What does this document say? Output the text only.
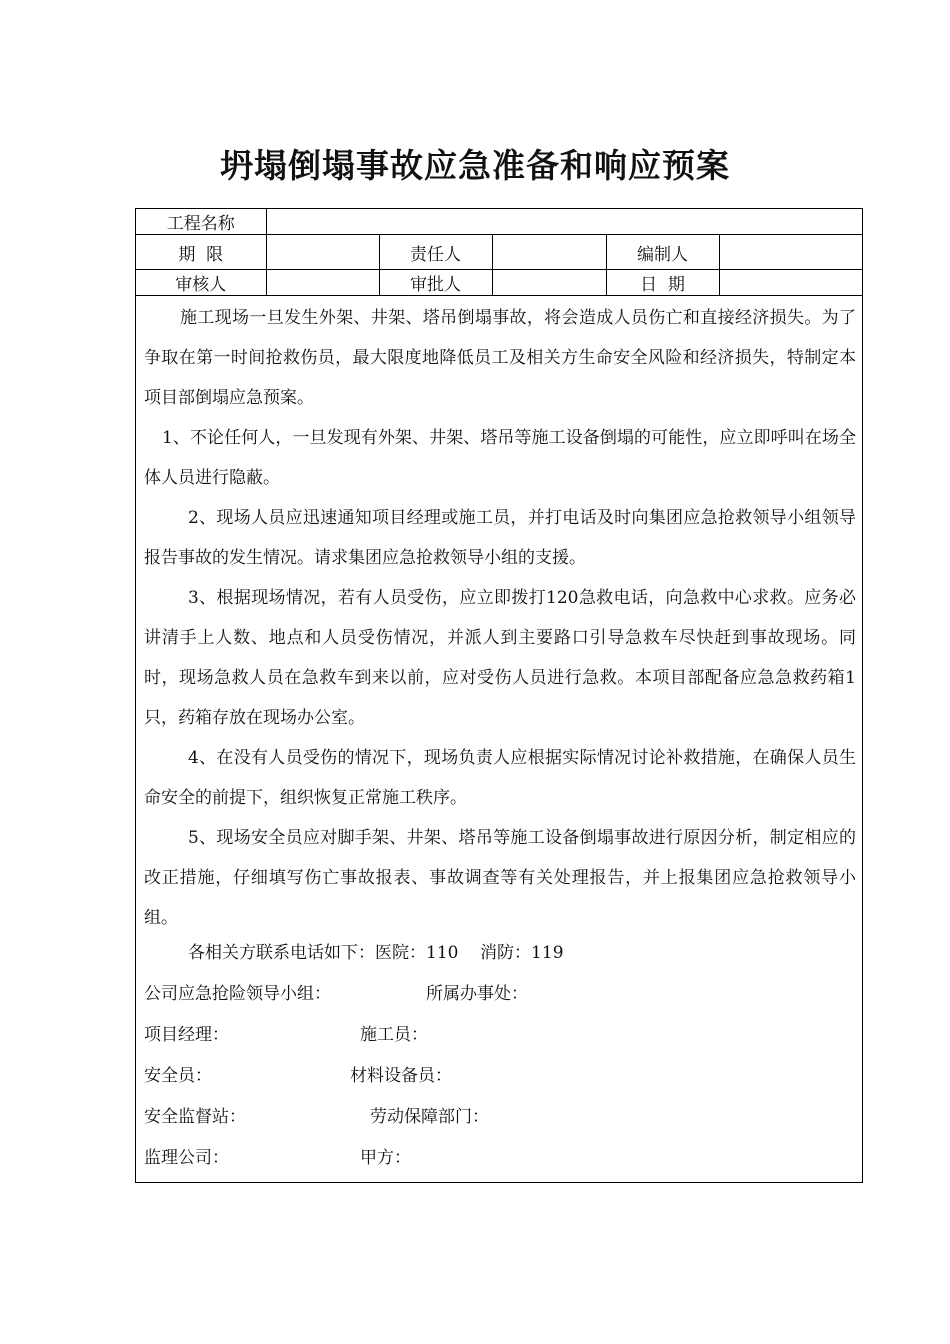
坍塌倒塌事故应急准备和响应预案
工程名称					
期  限		责任人		编制人	
审核人		审批人		日  期	
施工现场一旦发生外架、井架、塔吊倒塌事故，将会造成人员伤亡和直接经济损失。为了争取在第一时间抢救伤员，最大限度地降低员工及相关方生命安全风险和经济损失，特制定本项目部倒塌应急预案。
1、不论任何人，一旦发现有外架、井架、塔吊等施工设备倒塌的可能性，应立即呼叫在场全体人员进行隐蔽。
2、现场人员应迅速通知项目经理或施工员，并打电话及时向集团应急抢救领导小组领导报告事故的发生情况。请求集团应急抢救领导小组的支援。
3、根据现场情况，若有人员受伤，应立即拨打120急救电话，向急救中心求救。应务必讲清手上人数、地点和人员受伤情况，并派人到主要路口引导急救车尽快赶到事故现场。同时，现场急救人员在急救车到来以前，应对受伤人员进行急救。本项目部配备应急急救药箱1只，药箱存放在现场办公室。
4、在没有人员受伤的情况下，现场负责人应根据实际情况讨论补救措施，在确保人员生命安全的前提下，组织恢复正常施工秩序。
5、现场安全员应对脚手架、井架、塔吊等施工设备倒塌事故进行原因分析，制定相应的改正措施，仔细填写伤亡事故报表、事故调查等有关处理报告，并上报集团应急抢救领导小组。
各相关方联系电话如下：医院：110    消防：119
公司应急抢险领导小组：	所属办事处：
项目经理：	施工员：
安全员：	材料设备员：
安全监督站：	劳动保障部门：
监理公司：	甲方：
